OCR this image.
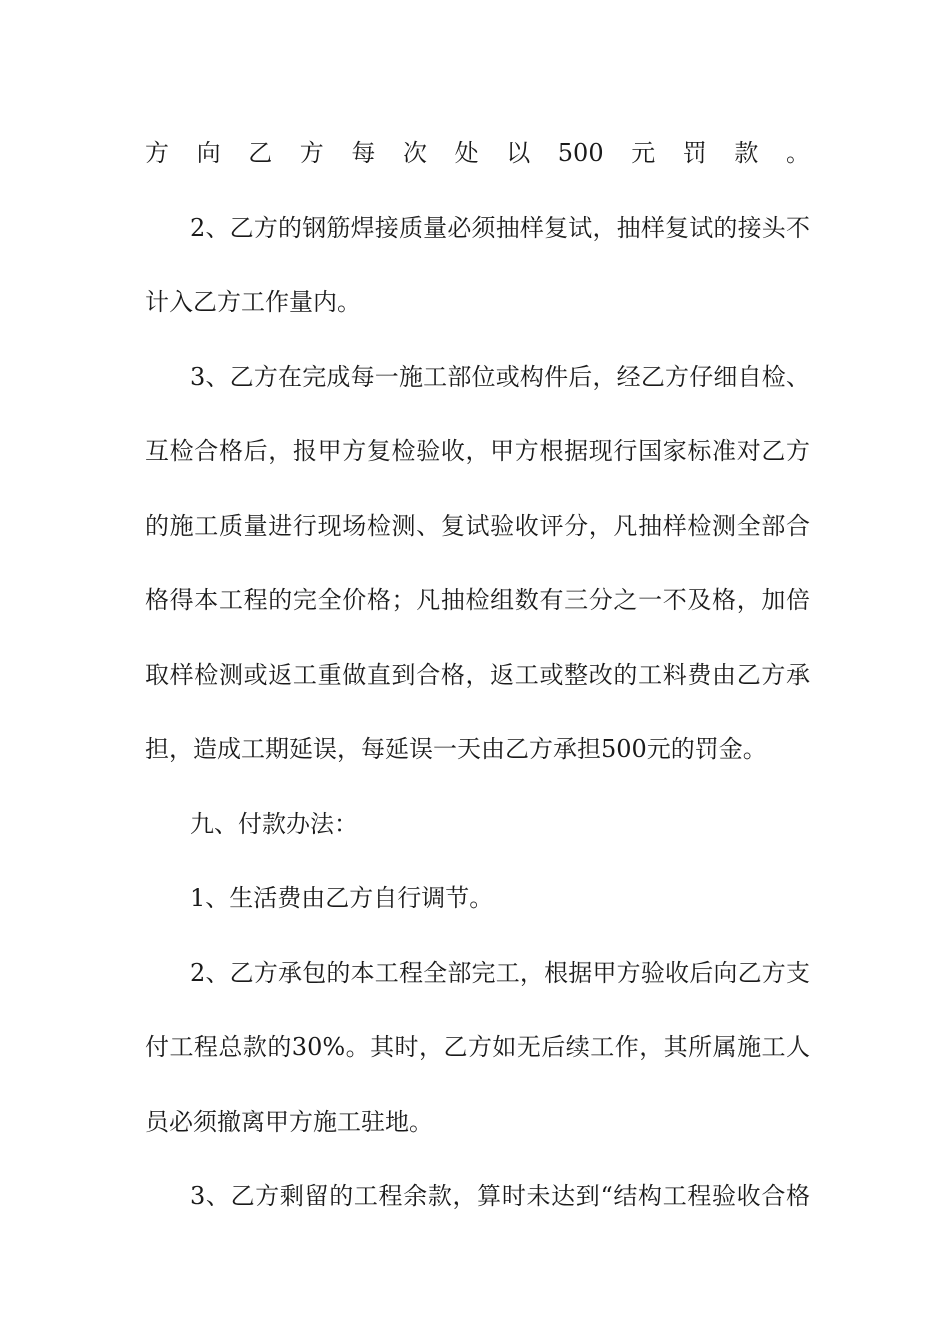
方向乙方每次处以500元罚款。
2、乙方的钢筋焊接质量必须抽样复试，抽样复试的接头不
计入乙方工作量内。
3、乙方在完成每一施工部位或构件后，经乙方仔细自检、
互检合格后，报甲方复检验收，甲方根据现行国家标准对乙方
的施工质量进行现场检测、复试验收评分，凡抽样检测全部合
格得本工程的完全价格；凡抽检组数有三分之一不及格，加倍
取样检测或返工重做直到合格，返工或整改的工料费由乙方承
担，造成工期延误，每延误一天由乙方承担500元的罚金。
九、付款办法：
1、生活费由乙方自行调节。
2、乙方承包的本工程全部完工，根据甲方验收后向乙方支
付工程总款的30%。其时，乙方如无后续工作，其所属施工人
员必须撤离甲方施工驻地。
3、乙方剩留的工程余款，算时未达到“结构工程验收合格
